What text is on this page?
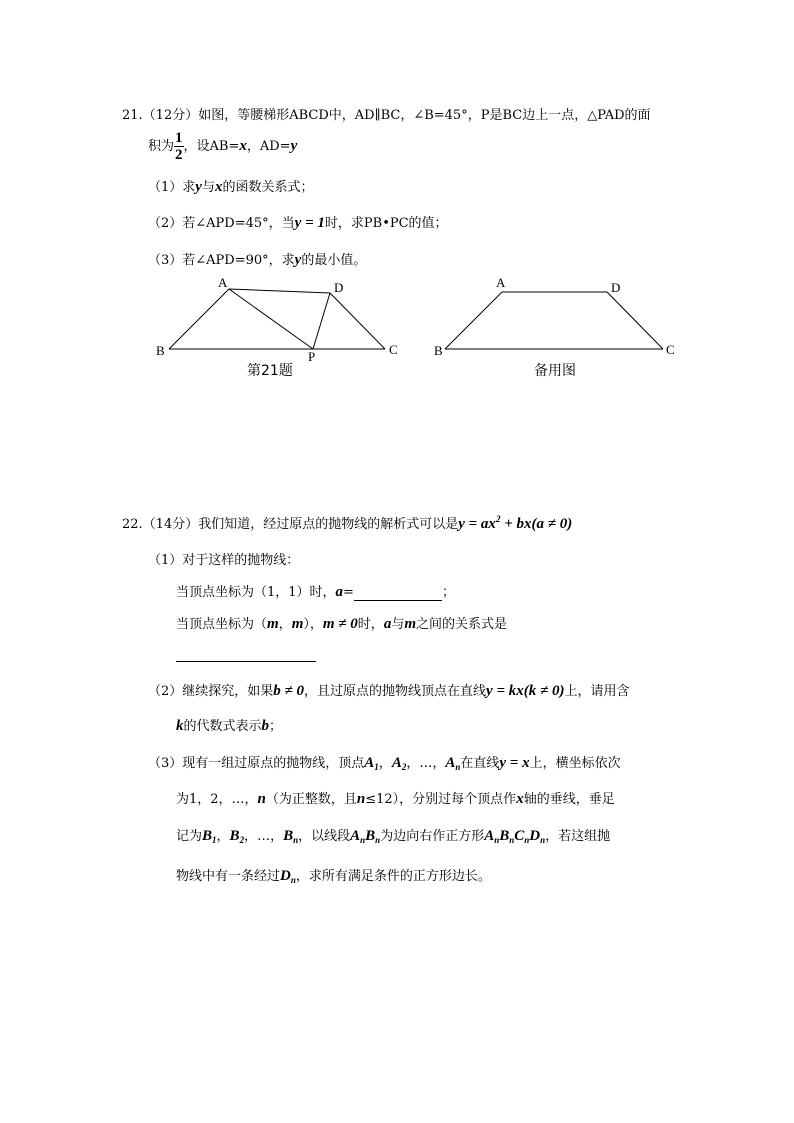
21.（12分）如图，等腰梯形ABCD中，AD∥BC，∠B=45°，P是BC边上一点，△PAD的面
积为 $\frac{1}{2}$ ，设AB=x，AD=y
（1）求y与x的函数关系式；
（2）若∠APD=45°，当y = 1时，求PB•PC的值；
（3）若∠APD=90°，求y的最小值。
A	D
B	C
P
第21题
A	D
B	C
备用图
22.（14分）我们知道，经过原点的抛物线的解析式可以是$y = ax^2 + bx(a \ne 0)$
（1）对于这样的抛物线：
当顶点坐标为（1，1）时，a=	；
当顶点坐标为（m，m），m ≠ 0时，a与m之间的关系式是
（2）继续探究，如果b ≠ 0，且过原点的抛物线顶点在直线y = kx(k ≠ 0)上，请用含
k的代数式表示b；
（3）现有一组过原点的抛物线，顶点$A_1$，$A_2$，…，$A_n$在直线y = x上，横坐标依次
为1，2，…，n（为正整数，且n≤12），分别过每个顶点作x轴的垂线，垂足
记为$B_1$，$B_2$，…，$B_n$，以线段$A_nB_n$为边向右作正方形$A_nB_nC_nD_n$，若这组抛
物线中有一条经过$D_n$，求所有满足条件的正方形边长。
